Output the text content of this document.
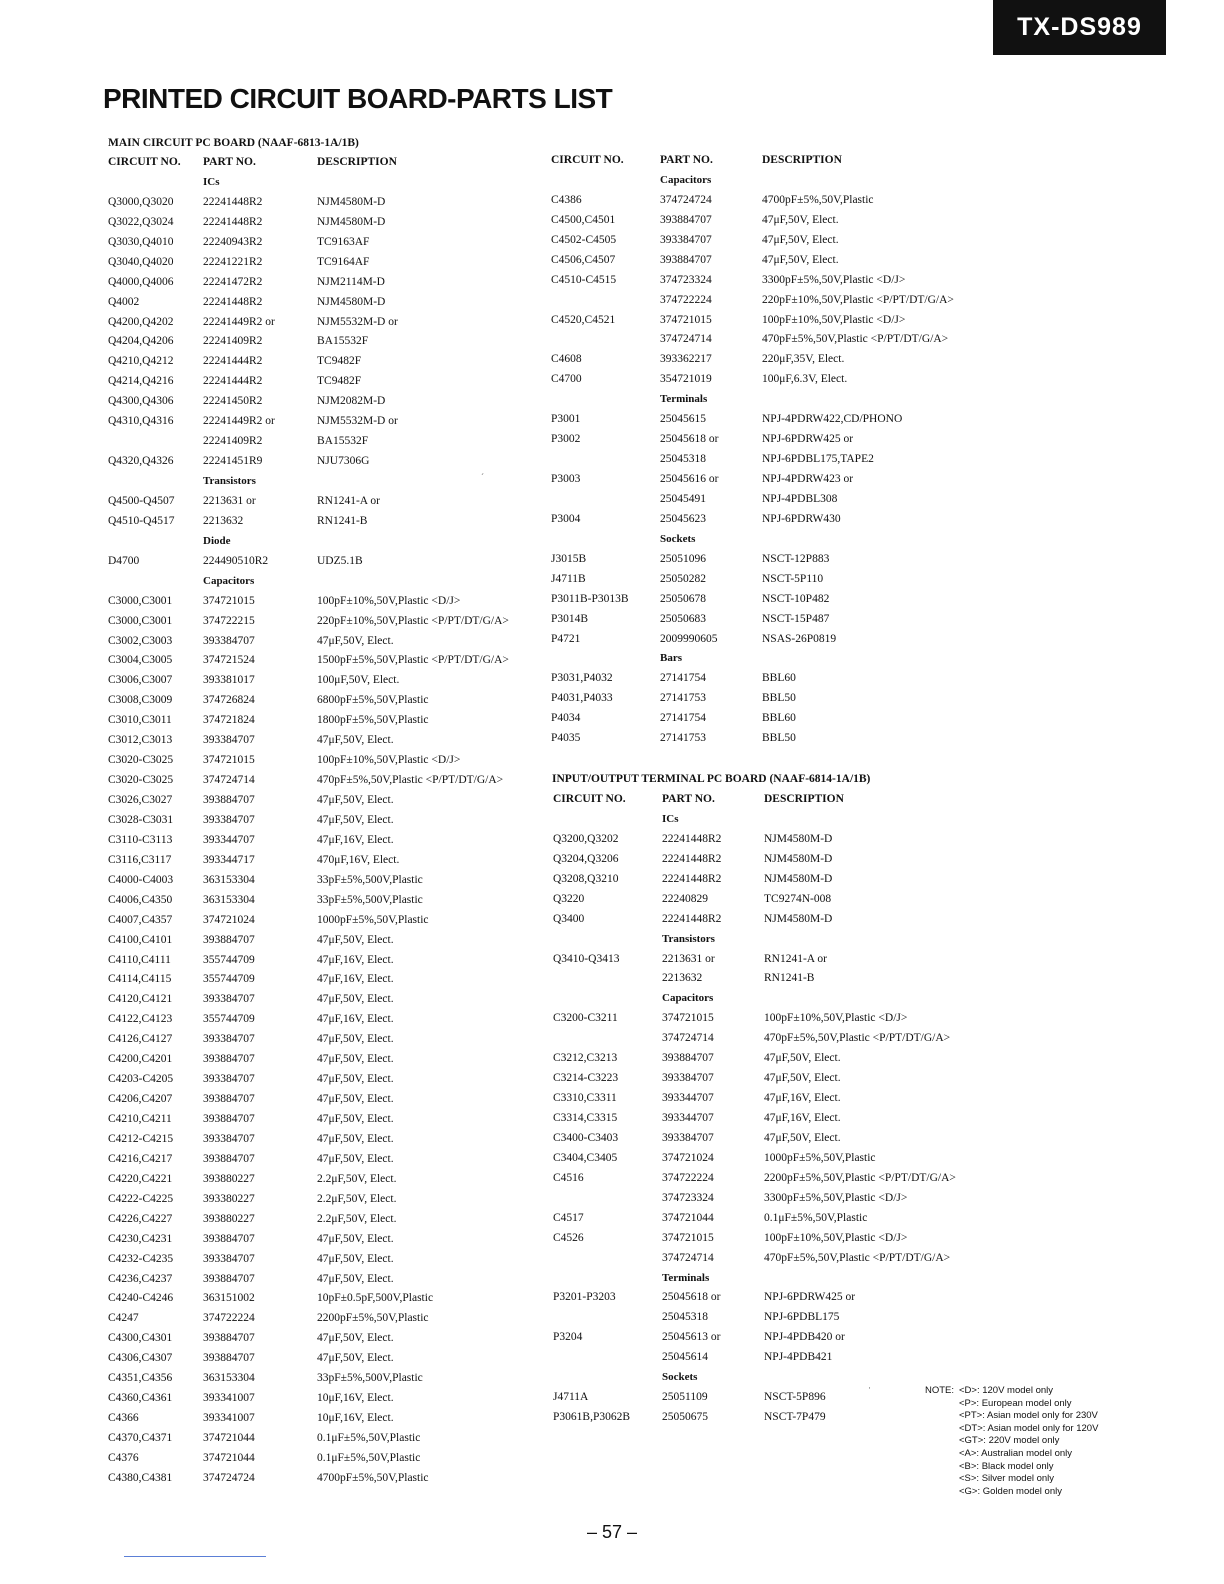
TX-DS989
PRINTED CIRCUIT BOARD-PARTS LIST
MAIN CIRCUIT PC BOARD (NAAF-6813-1A/1B)
CIRCUIT NO. PART NO.	DESCRIPTION
ICs
Q3000,Q3020	22241448R2	NJM4580M-D
Q3022,Q3024	22241448R2	NJM4580M-D
Q3030,Q4010	22240943R2	TC9163AF
Q3040,Q4020	22241221R2	TC9164AF
Q4000,Q4006	22241472R2	NJM2114M-D
Q4002	22241448R2	NJM4580M-D
Q4200,Q4202	22241449R2 or	NJM5532M-D or
Q4204,Q4206	22241409R2	BA15532F
Q4210,Q4212	22241444R2	TC9482F
Q4214,Q4216	22241444R2	TC9482F
Q4300,Q4306	22241450R2	NJM2082M-D
Q4310,Q4316	22241449R2 or	NJM5532M-D or
22241409R2	BA15532F
Q4320,Q4326	22241451R9	NJU7306G
Transistors
Q4500-Q4507 2213631 or	RN1241-A or
Q4510-Q4517 2213632	RN1241-B
Diode
D4700	224490510R2	UDZ5.1B
Capacitors
C3000,C3001	374721015	100pF±10%,50V,Plastic <D/J>
C3000,C3001	374722215	220pF±10%,50V,Plastic <P/PT/DT/G/A>
C3002,C3003	393384707	47μF,50V, Elect.
C3004,C3005	374721524	1500pF±5%,50V,Plastic <P/PT/DT/G/A>
C3006,C3007	393381017	100μF,50V, Elect.
C3008,C3009	374726824	6800pF±5%,50V,Plastic
C3010,C3011	374721824	1800pF±5%,50V,Plastic
C3012,C3013	393384707	47μF,50V, Elect.
C3020-C3025	374721015	100pF±10%,50V,Plastic <D/J>
C3020-C3025	374724714	470pF±5%,50V,Plastic <P/PT/DT/G/A>
C3026,C3027	393884707	47μF,50V, Elect.
C3028-C3031	393384707	47μF,50V, Elect.
C3110-C3113	393344707	47μF,16V, Elect.
C3116,C3117	393344717	470μF,16V, Elect.
C4000-C4003	363153304	33pF±5%,500V,Plastic
C4006,C4350	363153304	33pF±5%,500V,Plastic
C4007,C4357	374721024	1000pF±5%,50V,Plastic
C4100,C4101	393884707	47μF,50V, Elect.
C4110,C4111	355744709	47μF,16V, Elect.
C4114,C4115	355744709	47μF,16V, Elect.
C4120,C4121	393384707	47μF,50V, Elect.
C4122,C4123	355744709	47μF,16V, Elect.
C4126,C4127	393384707	47μF,50V, Elect.
C4200,C4201	393884707	47μF,50V, Elect.
C4203-C4205	393384707	47μF,50V, Elect.
C4206,C4207	393884707	47μF,50V, Elect.
C4210,C4211	393884707	47μF,50V, Elect.
C4212-C4215	393384707	47μF,50V, Elect.
C4216,C4217	393884707	47μF,50V, Elect.
C4220,C4221	393880227	2.2μF,50V, Elect.
C4222-C4225	393380227	2.2μF,50V, Elect.
C4226,C4227	393880227	2.2μF,50V, Elect.
C4230,C4231	393884707	47μF,50V, Elect.
C4232-C4235	393384707	47μF,50V, Elect.
C4236,C4237	393884707	47μF,50V, Elect.
C4240-C4246	363151002	10pF±0.5pF,500V,Plastic
C4247	374722224	2200pF±5%,50V,Plastic
C4300,C4301	393884707	47μF,50V, Elect.
C4306,C4307	393884707	47μF,50V, Elect.
C4351,C4356	363153304	33pF±5%,500V,Plastic
C4360,C4361	393341007	10μF,16V, Elect.
C4366	393341007	10μF,16V, Elect.
C4370,C4371	374721044	0.1μF±5%,50V,Plastic
C4376	374721044	0.1μF±5%,50V,Plastic
C4380,C4381	374724724	4700pF±5%,50V,Plastic
CIRCUIT NO.	PART NO.	DESCRIPTION
Capacitors
C4386	374724724	4700pF±5%,50V,Plastic
C4500,C4501	393884707	47μF,50V, Elect.
C4502-C4505	393384707	47μF,50V, Elect.
C4506,C4507	393884707	47μF,50V, Elect.
C4510-C4515	374723324	3300pF±5%,50V,Plastic <D/J>
374722224	220pF±10%,50V,Plastic <P/PT/DT/G/A>
C4520,C4521	374721015	100pF±10%,50V,Plastic <D/J>
374724714	470pF±5%,50V,Plastic <P/PT/DT/G/A>
C4608	393362217	220μF,35V, Elect.
C4700	354721019	100μF,6.3V, Elect.
Terminals
P3001	25045615	NPJ-4PDRW422,CD/PHONO
P3002	25045618 or	NPJ-6PDRW425 or
25045318	NPJ-6PDBL175,TAPE2
P3003	25045616 or	NPJ-4PDRW423 or
25045491	NPJ-4PDBL308
P3004	25045623	NPJ-6PDRW430
Sockets
J3015B	25051096	NSCT-12P883
J4711B	25050282	NSCT-5P110
P3011B-P3013B	25050678	NSCT-10P482
P3014B	25050683	NSCT-15P487
P4721	2009990605	NSAS-26P0819
Bars
P3031,P4032	27141754	BBL60
P4031,P4033	27141753	BBL50
P4034	27141754	BBL60
P4035	27141753	BBL50
INPUT/OUTPUT TERMINAL PC BOARD (NAAF-6814-1A/1B)
CIRCUIT NO.	PART NO.	DESCRIPTION
ICs
Q3200,Q3202	22241448R2	NJM4580M-D
Q3204,Q3206	22241448R2	NJM4580M-D
Q3208,Q3210	22241448R2	NJM4580M-D
Q3220	22240829	TC9274N-008
Q3400	22241448R2	NJM4580M-D
Transistors
Q3410-Q3413	2213631 or	RN1241-A or
2213632	RN1241-B
Capacitors
C3200-C3211	374721015	100pF±10%,50V,Plastic <D/J>
374724714	470pF±5%,50V,Plastic <P/PT/DT/G/A>
C3212,C3213	393884707	47μF,50V, Elect.
C3214-C3223	393384707	47μF,50V, Elect.
C3310,C3311	393344707	47μF,16V, Elect.
C3314,C3315	393344707	47μF,16V, Elect.
C3400-C3403	393384707	47μF,50V, Elect.
C3404,C3405	374721024	1000pF±5%,50V,Plastic
C4516	374722224	2200pF±5%,50V,Plastic <P/PT/DT/G/A>
374723324	3300pF±5%,50V,Plastic <D/J>
C4517	374721044	0.1μF±5%,50V,Plastic
C4526	374721015	100pF±10%,50V,Plastic <D/J>
374724714	470pF±5%,50V,Plastic <P/PT/DT/G/A>
Terminals
P3201-P3203	25045618 or	NPJ-6PDRW425 or
25045318	NPJ-6PDBL175
P3204	25045613 or	NPJ-4PDB420 or
25045614	NPJ-4PDB421
Sockets
J4711A	25051109	NSCT-5P896
P3061B,P3062B	25050675	NSCT-7P479
NOTE: <D>: 120V model only
<P>: European model only
<PT>: Asian model only for 230V
<DT>: Asian model only for 120V
<GT>: 220V model only
<A>: Australian model only
<B>: Black model only
<S>: Silver model only
<G>: Golden model only
´
·
– 57 –
